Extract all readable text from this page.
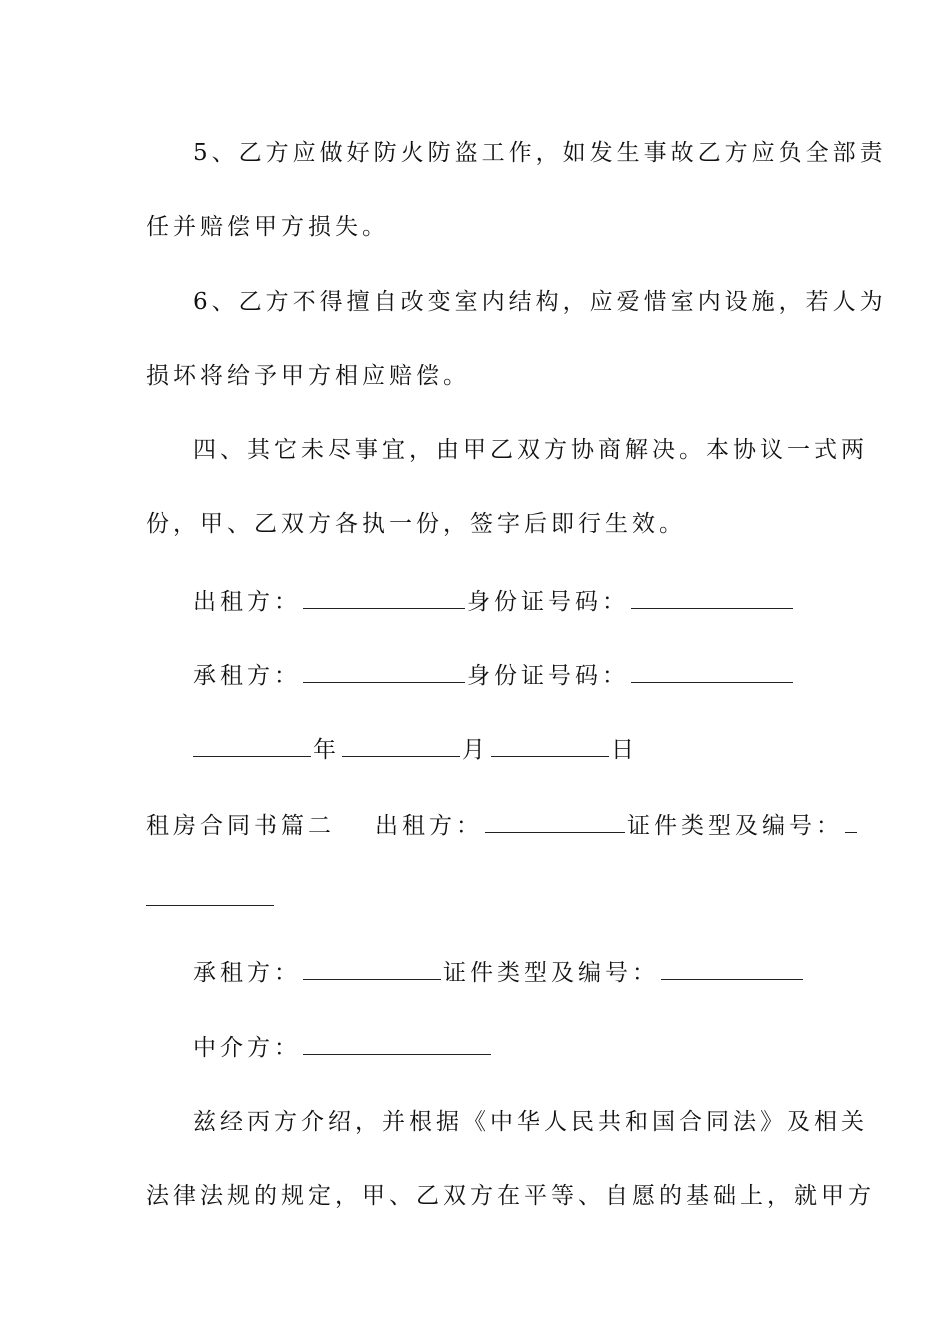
5、乙方应做好防火防盗工作，如发生事故乙方应负全部责
任并赔偿甲方损失。
6、乙方不得擅自改变室内结构，应爱惜室内设施，若人为
损坏将给予甲方相应赔偿。
四、其它未尽事宜，由甲乙双方协商解决。本协议一式两
份，甲、乙双方各执一份，签字后即行生效。
出租方：	身份证号码：
承租方：	身份证号码：
年	月	日
租房合同书篇二 出租方：	证件类型及编号：
承租方：	证件类型及编号：
中介方：
兹经丙方介绍，并根据《中华人民共和国合同法》及相关
法律法规的规定，甲、乙双方在平等、自愿的基础上，就甲方
